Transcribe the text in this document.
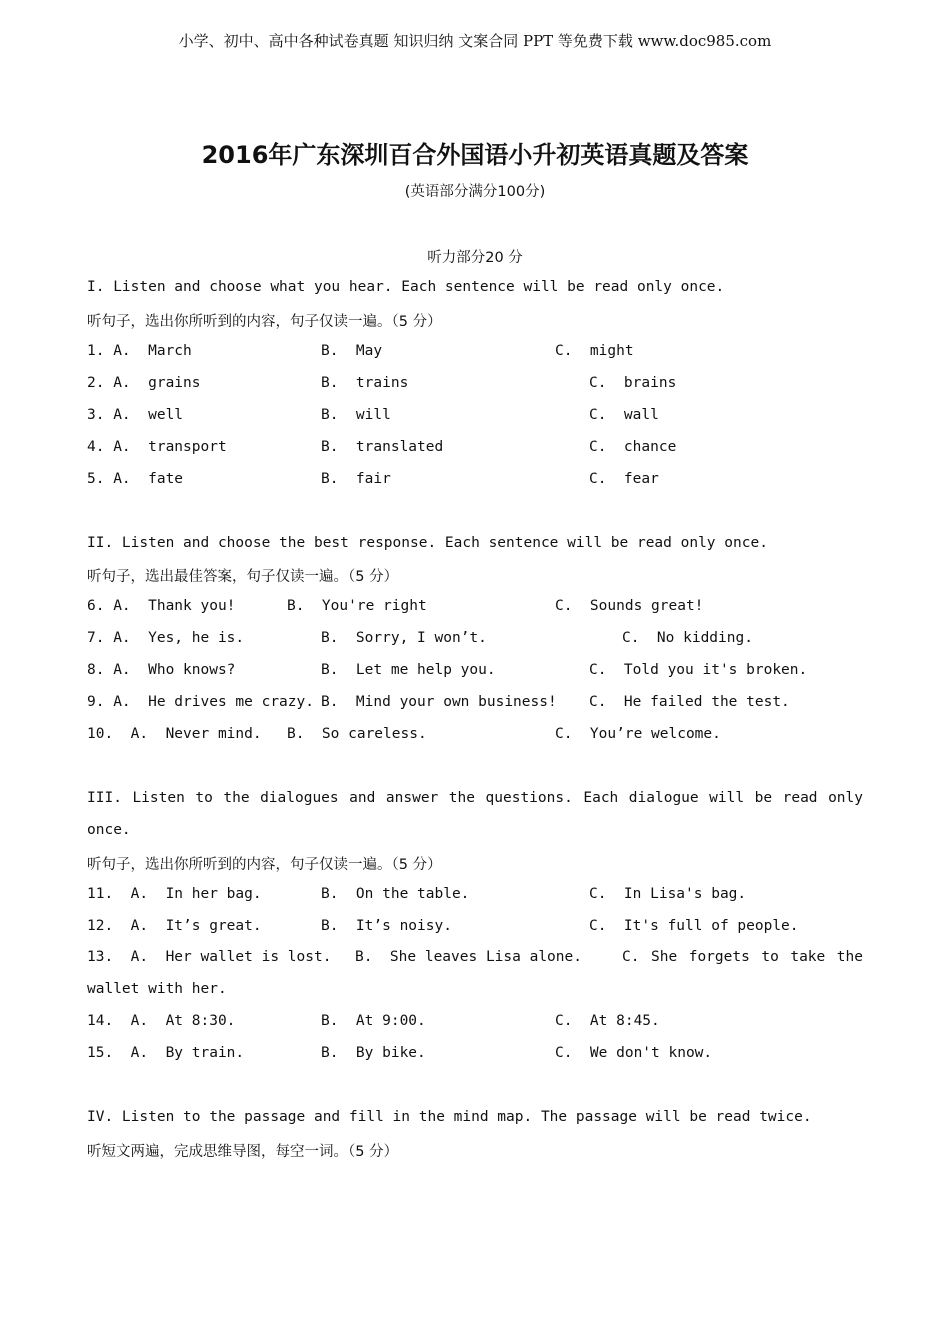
小学、初中、高中各种试卷真题 知识归纳 文案合同 PPT 等免费下载 www.doc985.com
2016年广东深圳百合外国语小升初英语真题及答案
(英语部分满分100分)
听力部分20 分
I. Listen and choose what you hear. Each sentence will be read only once.
听句子，选出你所听到的内容，句子仅读一遍。（5 分）
1. A.  March	B.  May	C.  might
2. A.  grains	B.  trains	C.  brains
3. A.  well	B.  will	C.  wall
4. A.  transport	B.  translated	C.  chance
5. A.  fate	B.  fair	C.  fear
II. Listen and choose the best response. Each sentence will be read only once.
听句子，选出最佳答案，句子仅读一遍。（5 分）
6. A.  Thank you!	B.  You're right	C.  Sounds great!
7. A.  Yes, he is.	B.  Sorry, I won’t.	C.  No kidding.
8. A.  Who knows?	B.  Let me help you.	C.  Told you it's broken.
9. A.  He drives me crazy. B.  Mind your own business! C.  He failed the test.
10.  A.  Never mind. B.  So careless.	C.  You’re welcome.
III. Listen to the dialogues and answer the questions. Each dialogue will be read only
once.
听句子，选出你所听到的内容，句子仅读一遍。（5 分）
11.  A.  In her bag.	B.  On the table.	C.  In Lisa's bag.
12.  A.  It’s great.	B.  It’s noisy.	C.  It's full of people.
13.  A.  Her wallet is lost. B.  She leaves Lisa alone.	C. She forgets to take the
wallet with her.
14.  A.  At 8:30.	B.  At 9:00.	C.  At 8:45.
15.  A.  By train.	B.  By bike.	C.  We don't know.
IV. Listen to the passage and fill in the mind map. The passage will be read twice.
听短文两遍，完成思维导图，每空一词。（5 分）
